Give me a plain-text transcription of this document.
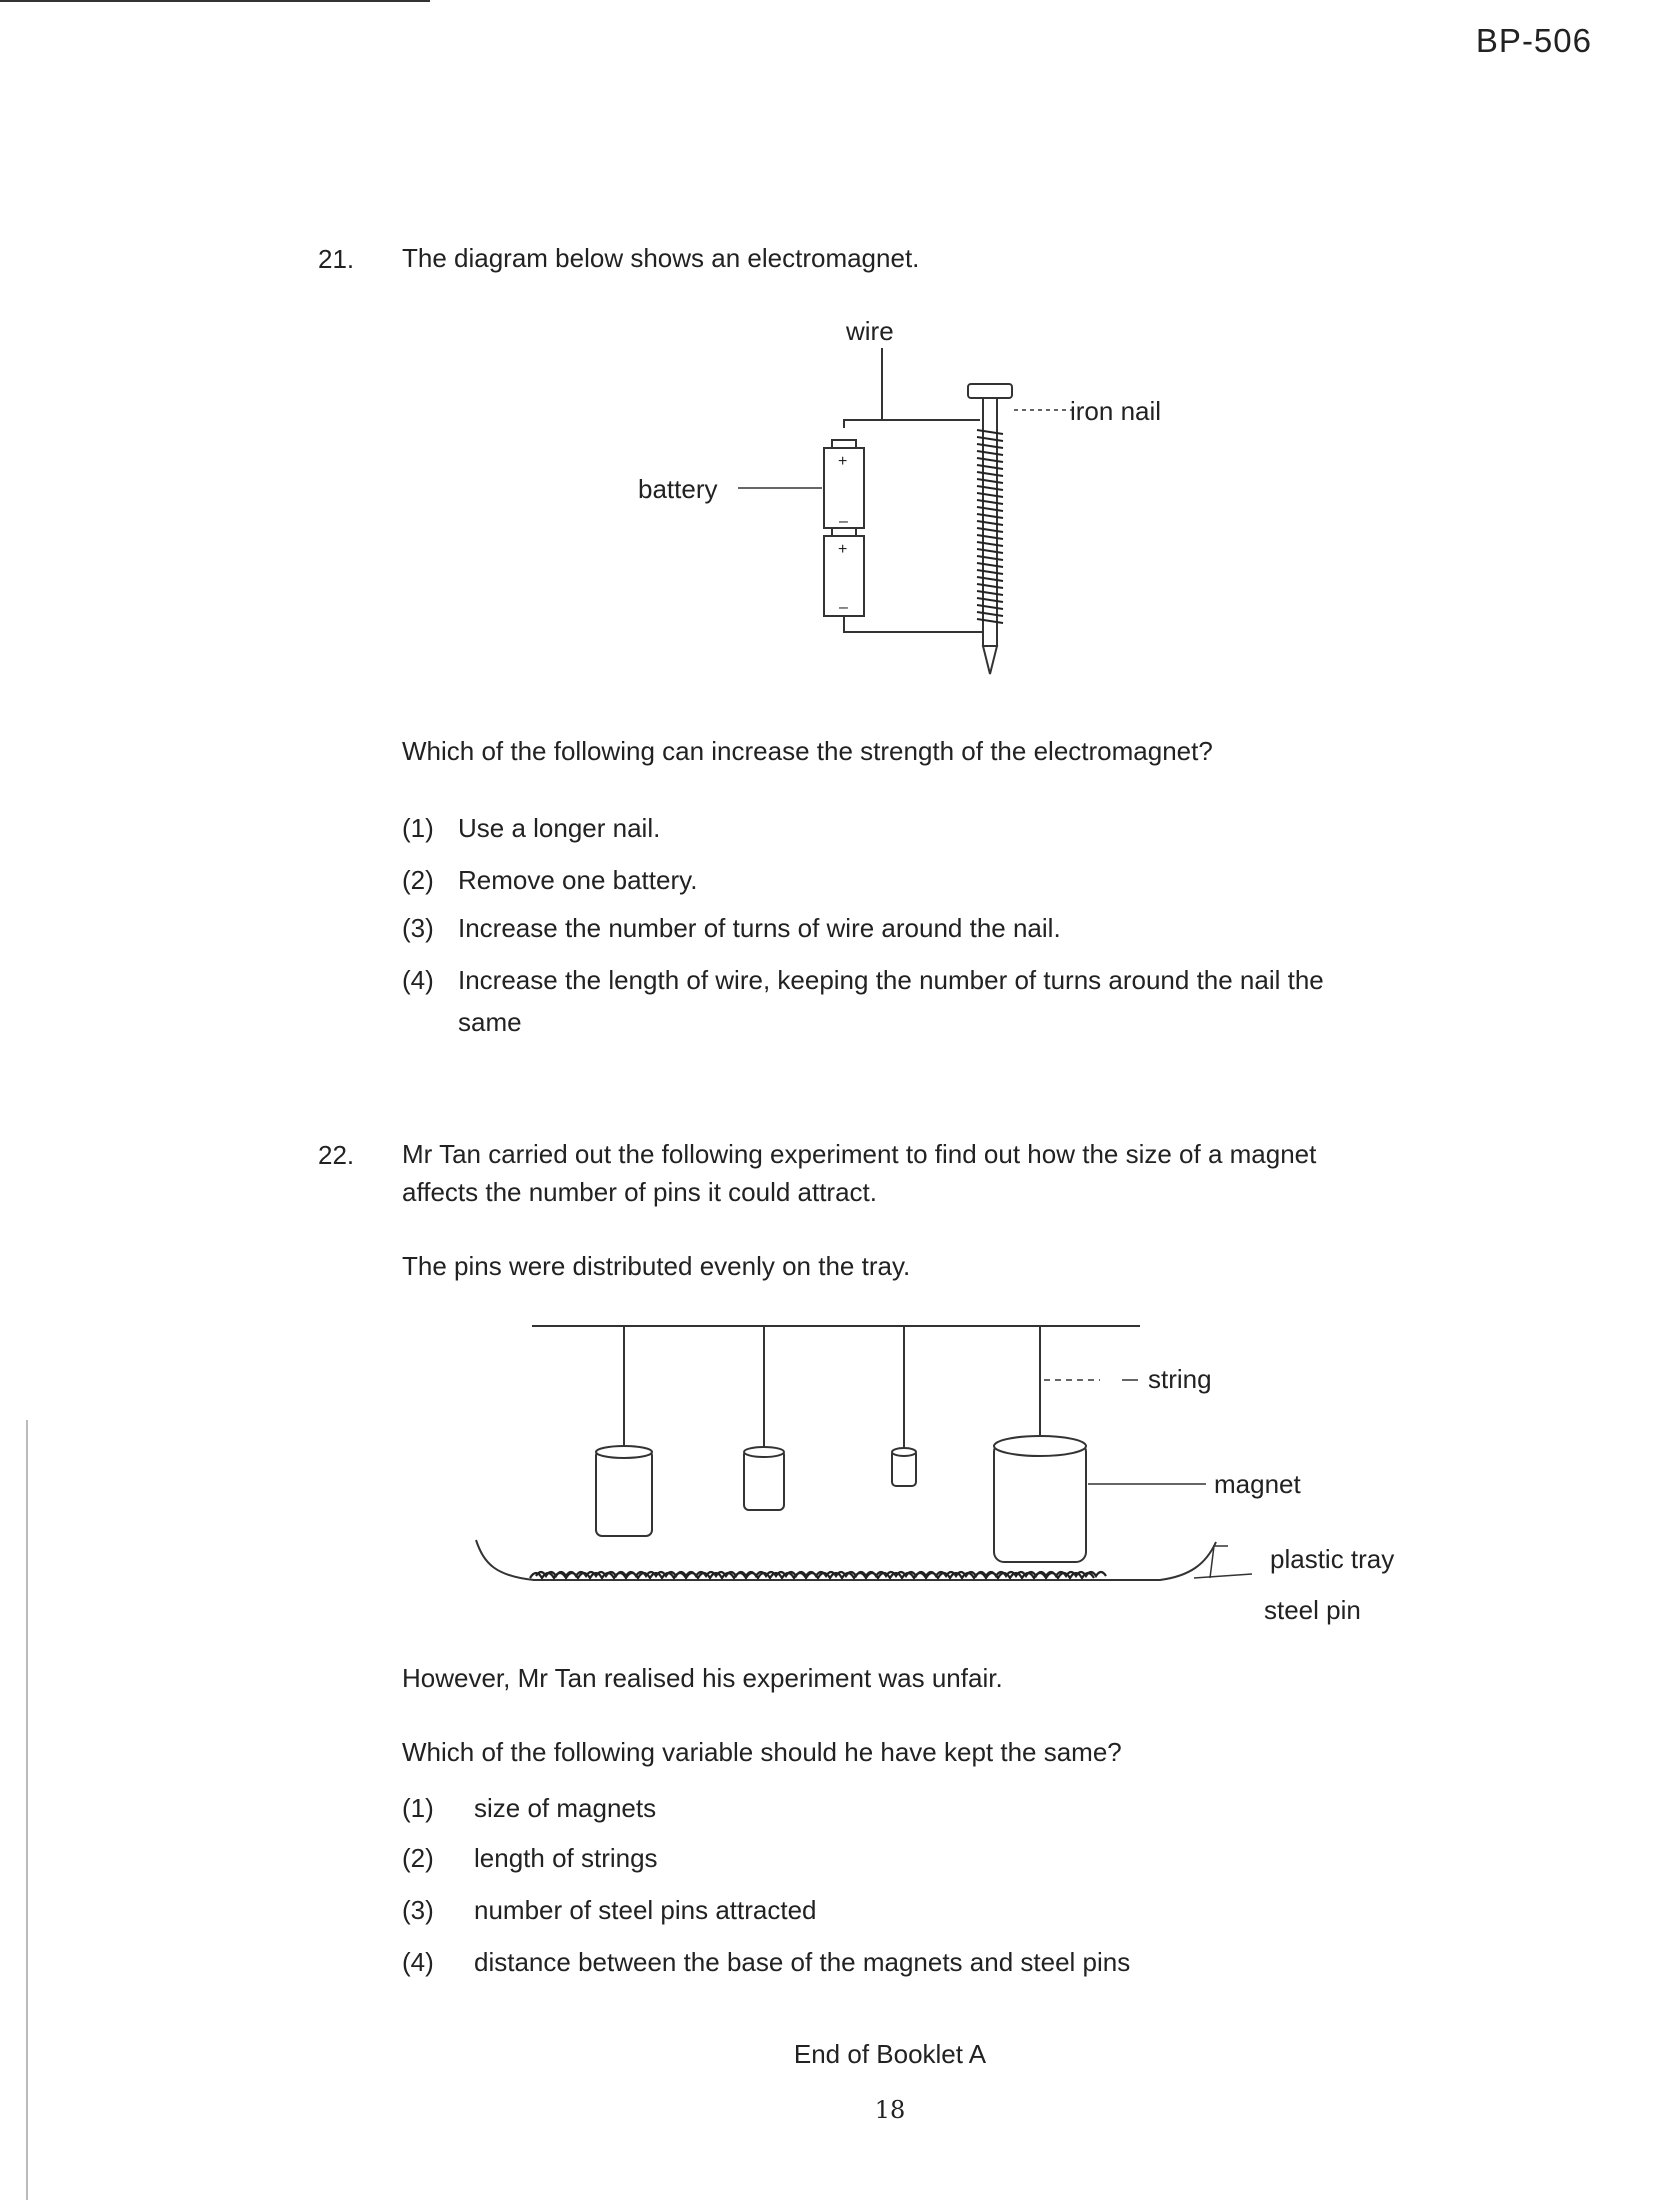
BP-506
21. The diagram below shows an electromagnet.
wire
+
–
+
–
battery
iron nail
Which of the following can increase the strength of the electromagnet?
(1) Use a longer nail.
(2) Remove one battery.
(3) Increase the number of turns of wire around the nail.
(4) Increase the length of wire, keeping the number of turns around the nail the
same
22. Mr Tan carried out the following experiment to find out how the size of a magnet
affects the number of pins it could attract.
The pins were distributed evenly on the tray.
string
magnet
plastic tray
steel pin
However, Mr Tan realised his experiment was unfair.
Which of the following variable should he have kept the same?
(1) size of magnets
(2) length of strings
(3) number of steel pins attracted
(4) distance between the base of the magnets and steel pins
End of Booklet A
18
